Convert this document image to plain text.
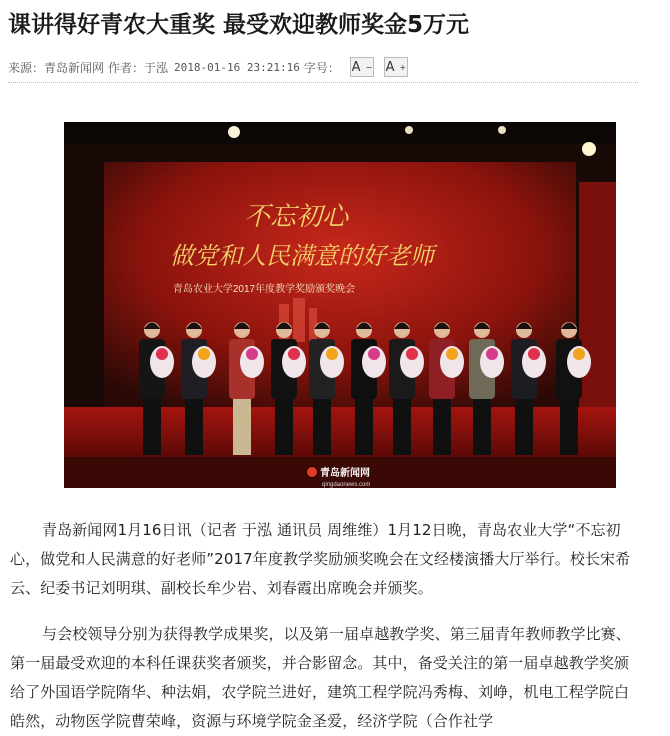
课讲得好青农大重奖 最受欢迎教师奖金5万元
来源：青岛新闻网 作者：于泓 2018-01-16 23:21:16 字号： A − A +
不忘初心
做党和人民满意的好老师
青岛农业大学2017年度教学奖励颁奖晚会
青岛新闻网
qingdaonews.com

青岛新闻网1月16日讯（记者 于泓 通讯员 周维维）1月12日晚，青岛农业大学“不忘初心，做党和人民满意的好老师”2017年度教学奖励颁奖晚会在文经楼演播大厅举行。校长宋希云、纪委书记刘明琪、副校长牟少岩、刘春霞出席晚会并颁奖。

与会校领导分别为获得教学成果奖，以及第一届卓越教学奖、第三届青年教师教学比赛、第一届最受欢迎的本科任课获奖者颁奖，并合影留念。其中，备受关注的第一届卓越教学奖颁给了外国语学院隋华、种法娟，农学院兰进好，建筑工程学院冯秀梅、刘峥，机电工程学院白皓然，动物医学院曹荣峰，资源与环境学院金圣爱，经济学院（合作社学
